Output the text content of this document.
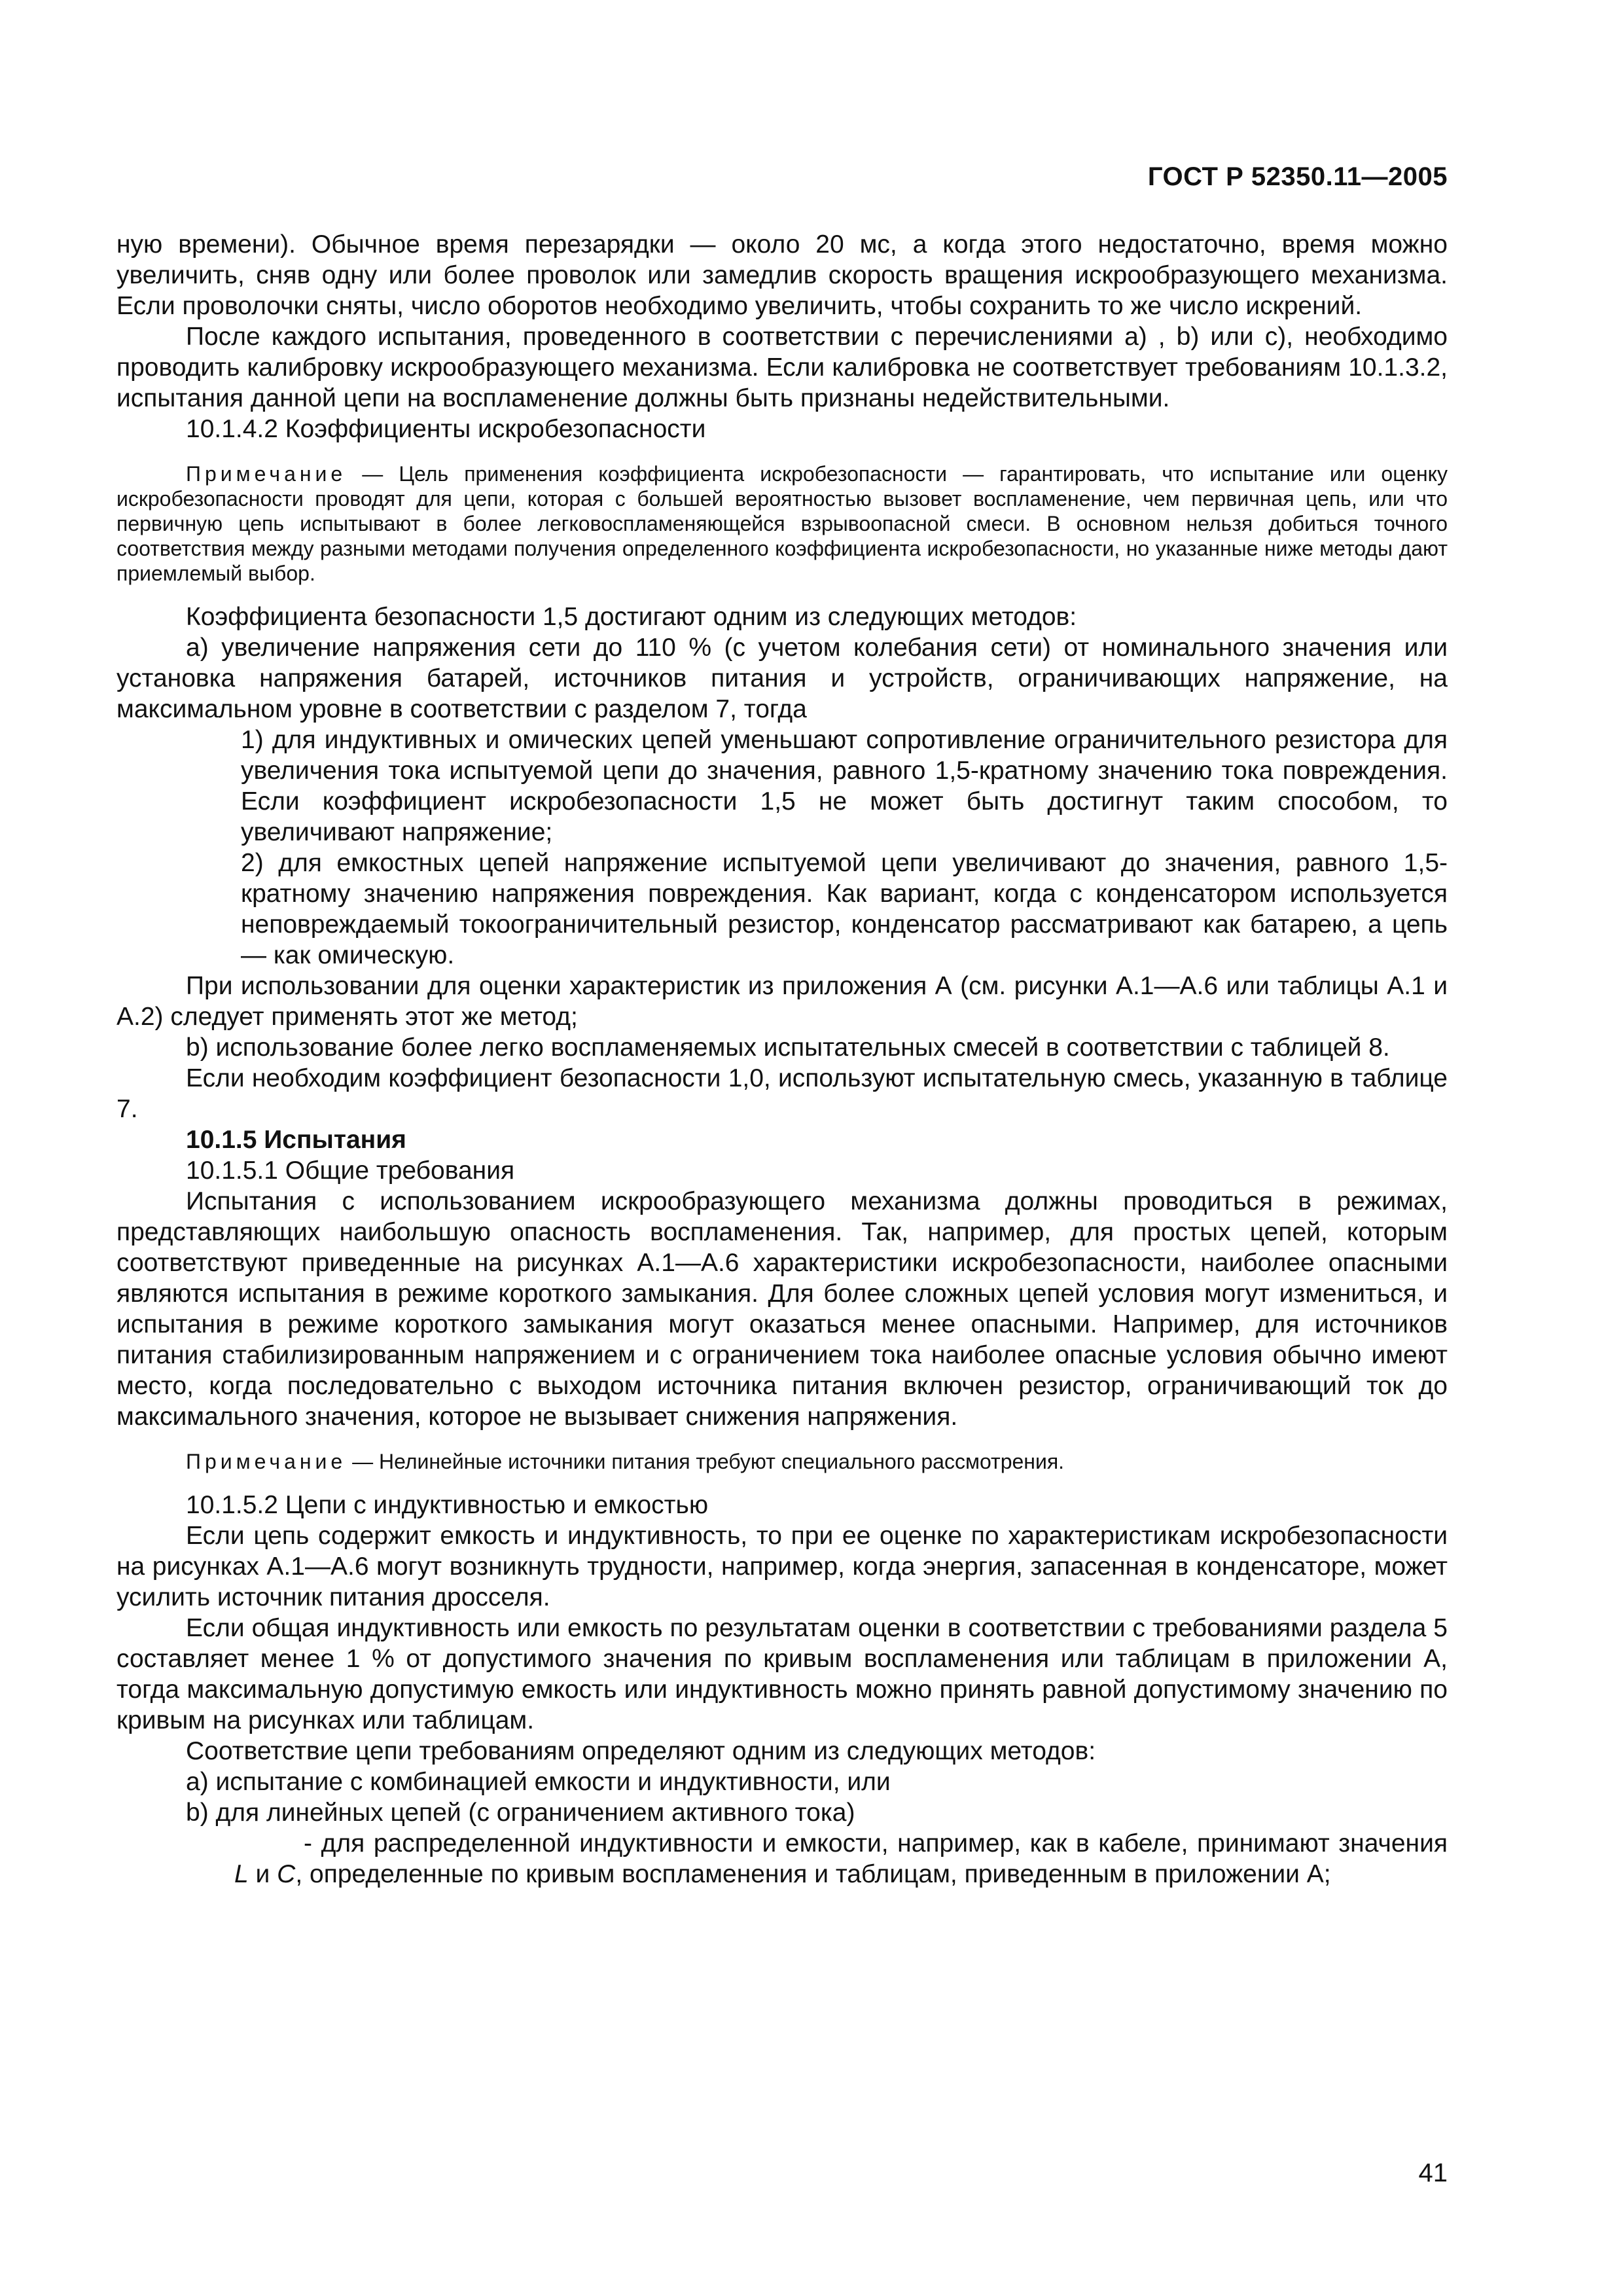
ГОСТ Р 52350.11—2005

ную времени). Обычное время перезарядки — около 20 мс, а когда этого недостаточно, время можно увеличить, сняв одну или более проволок или замедлив скорость вращения искрообразующего механизма. Если проволочки сняты, число оборотов необходимо увеличить, чтобы сохранить то же число искрений.

После каждого испытания, проведенного в соответствии с перечислениями a) , b) или c), необходимо проводить калибровку искрообразующего механизма. Если калибровка не соответствует требованиям 10.1.3.2, испытания данной цепи на воспламенение должны быть признаны недействительными.

10.1.4.2 Коэффициенты искробезопасности

Примечание — Цель применения коэффициента искробезопасности — гарантировать, что испытание или оценку искробезопасности проводят для цепи, которая с большей вероятностью вызовет воспламенение, чем первичная цепь, или что первичную цепь испытывают в более легковоспламеняющейся взрывоопасной смеси. В основном нельзя добиться точного соответствия между разными методами получения определенного коэффициента искробезопасности, но указанные ниже методы дают приемлемый выбор.

Коэффициента безопасности 1,5 достигают одним из следующих методов:

a) увеличение напряжения сети до 110 % (с учетом колебания сети) от номинального значения или установка напряжения батарей, источников питания и устройств, ограничивающих напряжение, на максимальном уровне в соответствии с разделом 7, тогда

1) для индуктивных и омических цепей уменьшают сопротивление ограничительного резистора для увеличения тока испытуемой цепи до значения, равного 1,5-кратному значению тока повреждения. Если коэффициент искробезопасности 1,5 не может быть достигнут таким способом, то увеличивают напряжение;

2) для емкостных цепей напряжение испытуемой цепи увеличивают до значения, равного 1,5-кратному значению напряжения повреждения. Как вариант, когда с конденсатором используется неповреждаемый токоограничительный резистор, конденсатор рассматривают как батарею, а цепь — как омическую.

При использовании для оценки характеристик из приложения А (см. рисунки А.1—А.6 или таблицы А.1 и А.2) следует применять этот же метод;

b) использование более легко воспламеняемых испытательных смесей в соответствии с таблицей 8.

Если необходим коэффициент безопасности 1,0, используют испытательную смесь, указанную в таблице 7.

10.1.5 Испытания

10.1.5.1 Общие требования

Испытания с использованием искрообразующего механизма должны проводиться в режимах, представляющих наибольшую опасность воспламенения. Так, например, для простых цепей, которым соответствуют приведенные на рисунках А.1—А.6 характеристики искробезопасности, наиболее опасными являются испытания в режиме короткого замыкания. Для более сложных цепей условия могут измениться, и испытания в режиме короткого замыкания могут оказаться менее опасными. Например, для источников питания стабилизированным напряжением и с ограничением тока наиболее опасные условия обычно имеют место, когда последовательно с выходом источника питания включен резистор, ограничивающий ток до максимального значения, которое не вызывает снижения напряжения.

Примечание — Нелинейные источники питания требуют специального рассмотрения.

10.1.5.2 Цепи с индуктивностью и емкостью

Если цепь содержит емкость и индуктивность, то при ее оценке по характеристикам искробезопасности на рисунках А.1—А.6 могут возникнуть трудности, например, когда энергия, запасенная в конденсаторе, может усилить источник питания дросселя.

Если общая индуктивность или емкость по результатам оценки в соответствии с требованиями раздела 5 составляет менее 1 % от допустимого значения по кривым воспламенения или таблицам в приложении А, тогда максимальную допустимую емкость или индуктивность можно принять равной допустимому значению по кривым на рисунках или таблицам.

Соответствие цепи требованиям определяют одним из следующих методов:

a) испытание с комбинацией емкости и индуктивности, или

b) для линейных цепей (с ограничением активного тока)

- для распределенной индуктивности и емкости, например, как в кабеле, принимают значения L и C, определенные по кривым воспламенения и таблицам, приведенным в приложении А;

41
